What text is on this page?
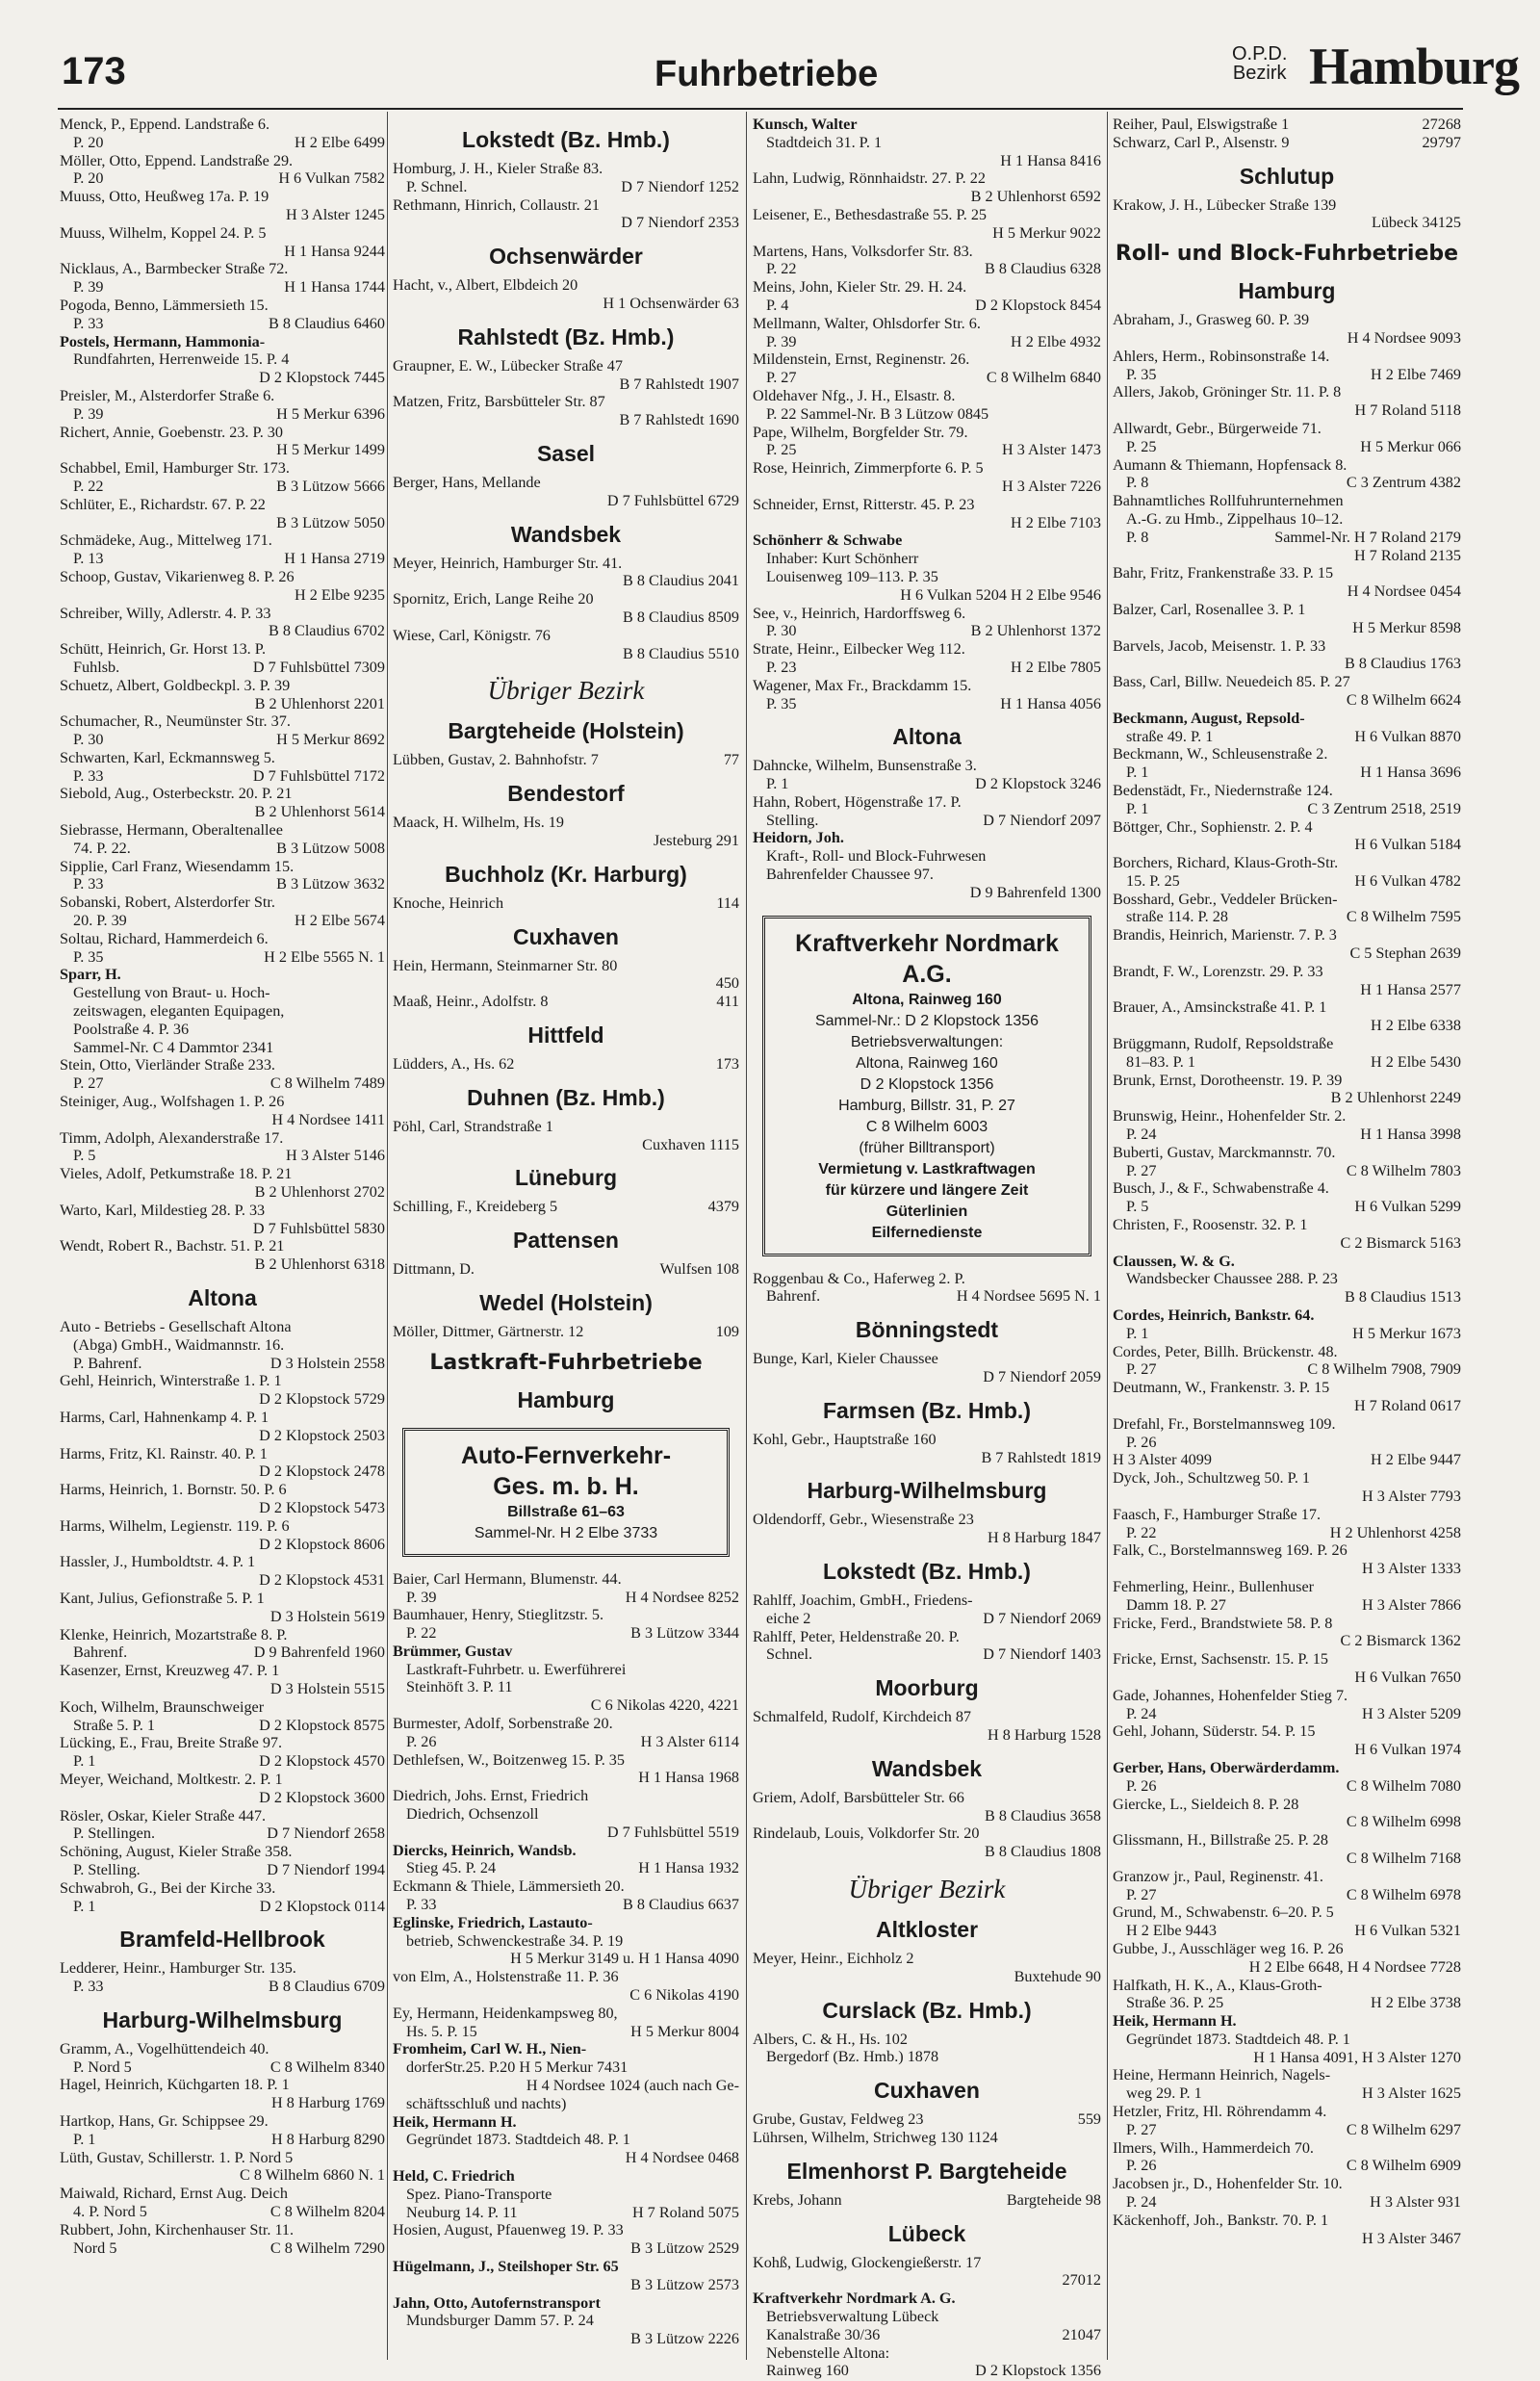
173	Fuhrbetriebe	O.P.D.
Bezirk Hamburg
Menck, P., Eppend. Landstraße 6.
P. 20	H 2 Elbe 6499
Möller, Otto, Eppend. Landstraße 29.
P. 20	H 6 Vulkan 7582
Muuss, Otto, Heußweg 17a. P. 19
H 3 Alster 1245
Muuss, Wilhelm, Koppel 24. P. 5
H 1 Hansa 9244
Nicklaus, A., Barmbecker Straße 72.
P. 39	H 1 Hansa 1744
Pogoda, Benno, Lämmersieth 15.
P. 33	B 8 Claudius 6460
Postels, Hermann, Hammonia-
Rundfahrten, Herrenweide 15. P. 4
D 2 Klopstock 7445
Preisler, M., Alsterdorfer Straße 6.
P. 39	H 5 Merkur 6396
Richert, Annie, Goebenstr. 23. P. 30
H 5 Merkur 1499
Schabbel, Emil, Hamburger Str. 173.
P. 22	B 3 Lützow 5666
Schlüter, E., Richardstr. 67. P. 22
B 3 Lützow 5050
Schmädeke, Aug., Mittelweg 171.
P. 13	H 1 Hansa 2719
Schoop, Gustav, Vikarienweg 8. P. 26
H 2 Elbe 9235
Schreiber, Willy, Adlerstr. 4. P. 33
B 8 Claudius 6702
Schütt, Heinrich, Gr. Horst 13. P.
Fuhlsb.	D 7 Fuhlsbüttel 7309
Schuetz, Albert, Goldbeckpl. 3. P. 39
B 2 Uhlenhorst 2201
Schumacher, R., Neumünster Str. 37.
P. 30	H 5 Merkur 8692
Schwarten, Karl, Eckmannsweg 5.
P. 33	D 7 Fuhlsbüttel 7172
Siebold, Aug., Osterbeckstr. 20. P. 21
B 2 Uhlenhorst 5614
Siebrasse, Hermann, Oberaltenallee
74. P. 22.	B 3 Lützow 5008
Sipplie, Carl Franz, Wiesendamm 15.
P. 33	B 3 Lützow 3632
Sobanski, Robert, Alsterdorfer Str.
20. P. 39	H 2 Elbe 5674
Soltau, Richard, Hammerdeich 6.
P. 35	H 2 Elbe 5565 N. 1
Sparr, H.
Gestellung von Braut- u. Hoch-
zeitswagen, eleganten Equipagen,
Poolstraße 4. P. 36
Sammel-Nr. C 4 Dammtor 2341
Stein, Otto, Vierländer Straße 233.
P. 27	C 8 Wilhelm 7489
Steiniger, Aug., Wolfshagen 1. P. 26
H 4 Nordsee 1411
Timm, Adolph, Alexanderstraße 17.
P. 5	H 3 Alster 5146
Vieles, Adolf, Petkumstraße 18. P. 21
B 2 Uhlenhorst 2702
Warto, Karl, Mildestieg 28. P. 33
D 7 Fuhlsbüttel 5830
Wendt, Robert R., Bachstr. 51. P. 21
B 2 Uhlenhorst 6318
Altona
Auto - Betriebs - Gesellschaft Altona
(Abga) GmbH., Waidmannstr. 16.
P. Bahrenf.	D 3 Holstein 2558
Gehl, Heinrich, Winterstraße 1. P. 1
D 2 Klopstock 5729
Harms, Carl, Hahnenkamp 4. P. 1
D 2 Klopstock 2503
Harms, Fritz, Kl. Rainstr. 40. P. 1
D 2 Klopstock 2478
Harms, Heinrich, 1. Bornstr. 50. P. 6
D 2 Klopstock 5473
Harms, Wilhelm, Legienstr. 119. P. 6
D 2 Klopstock 8606
Hassler, J., Humboldtstr. 4. P. 1
D 2 Klopstock 4531
Kant, Julius, Gefionstraße 5. P. 1
D 3 Holstein 5619
Klenke, Heinrich, Mozartstraße 8. P.
Bahrenf.	D 9 Bahrenfeld 1960
Kasenzer, Ernst, Kreuzweg 47. P. 1
D 3 Holstein 5515
Koch, Wilhelm, Braunschweiger
Straße 5. P. 1	D 2 Klopstock 8575
Lücking, E., Frau, Breite Straße 97.
P. 1	D 2 Klopstock 4570
Meyer, Weichand, Moltkestr. 2. P. 1
D 2 Klopstock 3600
Rösler, Oskar, Kieler Straße 447.
P. Stellingen.	D 7 Niendorf 2658
Schöning, August, Kieler Straße 358.
P. Stelling.	D 7 Niendorf 1994
Schwabroh, G., Bei der Kirche 33.
P. 1	D 2 Klopstock 0114
Bramfeld-Hellbrook
Ledderer, Heinr., Hamburger Str. 135.
P. 33	B 8 Claudius 6709
Harburg-Wilhelmsburg
Gramm, A., Vogelhüttendeich 40.
P. Nord 5	C 8 Wilhelm 8340
Hagel, Heinrich, Küchgarten 18. P. 1
H 8 Harburg 1769
Hartkop, Hans, Gr. Schippsee 29.
P. 1	H 8 Harburg 8290
Lüth, Gustav, Schillerstr. 1. P. Nord 5
C 8 Wilhelm 6860 N. 1
Maiwald, Richard, Ernst Aug. Deich
4. P. Nord 5	C 8 Wilhelm 8204
Rubbert, John, Kirchenhauser Str. 11.
Nord 5	C 8 Wilhelm 7290
Lokstedt (Bz. Hmb.)
Homburg, J. H., Kieler Straße 83.
P. Schnel.	D 7 Niendorf 1252
Rethmann, Hinrich, Collaustr. 21
D 7 Niendorf 2353
Ochsenwärder
Hacht, v., Albert, Elbdeich 20
H 1 Ochsenwärder 63
Rahlstedt (Bz. Hmb.)
Graupner, E. W., Lübecker Straße 47
B 7 Rahlstedt 1907
Matzen, Fritz, Barsbütteler Str. 87
B 7 Rahlstedt 1690
Sasel
Berger, Hans, Mellande
D 7 Fuhlsbüttel 6729
Wandsbek
Meyer, Heinrich, Hamburger Str. 41.
B 8 Claudius 2041
Spornitz, Erich, Lange Reihe 20
B 8 Claudius 8509
Wiese, Carl, Königstr. 76
B 8 Claudius 5510
Übriger Bezirk
Bargteheide (Holstein)
Lübben, Gustav, 2. Bahnhofstr. 7	77
Bendestorf
Maack, H. Wilhelm, Hs. 19
Jesteburg 291
Buchholz (Kr. Harburg)
Knoche, Heinrich	114
Cuxhaven
Hein, Hermann, Steinmarner Str. 80
450
Maaß, Heinr., Adolfstr. 8	411
Hittfeld
Lüdders, A., Hs. 62	173
Duhnen (Bz. Hmb.)
Pöhl, Carl, Strandstraße 1
Cuxhaven 1115
Lüneburg
Schilling, F., Kreideberg 5	4379
Pattensen
Dittmann, D.	Wulfsen 108
Wedel (Holstein)
Möller, Dittmer, Gärtnerstr. 12	109
Lastkraft-Fuhrbetriebe
Hamburg
Auto-Fernverkehr-
Ges. m. b. H.
Billstraße 61–63
Sammel-Nr. H 2 Elbe 3733
Baier, Carl Hermann, Blumenstr. 44.
P. 39	H 4 Nordsee 8252
Baumhauer, Henry, Stieglitzstr. 5.
P. 22	B 3 Lützow 3344
Brümmer, Gustav
Lastkraft-Fuhrbetr. u. Ewerführerei
Steinhöft 3. P. 11
C 6 Nikolas 4220, 4221
Burmester, Adolf, Sorbenstraße 20.
P. 26	H 3 Alster 6114
Dethlefsen, W., Boitzenweg 15. P. 35
H 1 Hansa 1968
Diedrich, Johs. Ernst, Friedrich
Diedrich, Ochsenzoll
D 7 Fuhlsbüttel 5519
Diercks, Heinrich, Wandsb.
Stieg 45. P. 24	H 1 Hansa 1932
Eckmann & Thiele, Lämmersieth 20.
P. 33	B 8 Claudius 6637
Eglinske, Friedrich, Lastauto-
betrieb, Schwenckestraße 34. P. 19
H 5 Merkur 3149 u. H 1 Hansa 4090
von Elm, A., Holstenstraße 11. P. 36
C 6 Nikolas 4190
Ey, Hermann, Heidenkampsweg 80,
Hs. 5. P. 15	H 5 Merkur 8004
Fromheim, Carl W. H., Nien-
dorferStr.25. P.20 H 5 Merkur 7431
H 4 Nordsee 1024 (auch nach Ge-
schäftsschluß und nachts)
Heik, Hermann H.
Gegründet 1873. Stadtdeich 48. P. 1
H 4 Nordsee 0468
Held, C. Friedrich
Spez. Piano-Transporte
Neuburg 14. P. 11	H 7 Roland 5075
Hosien, August, Pfauenweg 19. P. 33
B 3 Lützow 2529
Hügelmann, J., Steilshoper Str. 65
B 3 Lützow 2573
Jahn, Otto, Autofernstransport
Mundsburger Damm 57. P. 24
B 3 Lützow 2226
Kunsch, Walter
Stadtdeich 31. P. 1
H 1 Hansa 8416
Lahn, Ludwig, Rönnhaidstr. 27. P. 22
B 2 Uhlenhorst 6592
Leisener, E., Bethesdastraße 55. P. 25
H 5 Merkur 9022
Martens, Hans, Volksdorfer Str. 83.
P. 22	B 8 Claudius 6328
Meins, John, Kieler Str. 29. H. 24.
P. 4	D 2 Klopstock 8454
Mellmann, Walter, Ohlsdorfer Str. 6.
P. 39	H 2 Elbe 4932
Mildenstein, Ernst, Reginenstr. 26.
P. 27	C 8 Wilhelm 6840
Oldehaver Nfg., J. H., Elsastr. 8.
P. 22 Sammel-Nr. B 3 Lützow 0845
Pape, Wilhelm, Borgfelder Str. 79.
P. 25	H 3 Alster 1473
Rose, Heinrich, Zimmerpforte 6. P. 5
H 3 Alster 7226
Schneider, Ernst, Ritterstr. 45. P. 23
H 2 Elbe 7103
Schönherr & Schwabe
Inhaber: Kurt Schönherr
Louisenweg 109–113. P. 35
H 6 Vulkan 5204 H 2 Elbe 9546
See, v., Heinrich, Hardorffsweg 6.
P. 30	B 2 Uhlenhorst 1372
Strate, Heinr., Eilbecker Weg 112.
P. 23	H 2 Elbe 7805
Wagener, Max Fr., Brackdamm 15.
P. 35	H 1 Hansa 4056
Altona
Dahncke, Wilhelm, Bunsenstraße 3.
P. 1	D 2 Klopstock 3246
Hahn, Robert, Högenstraße 17. P.
Stelling.	D 7 Niendorf 2097
Heidorn, Joh.
Kraft-, Roll- und Block-Fuhrwesen
Bahrenfelder Chaussee 97.
D 9 Bahrenfeld 1300
Kraftverkehr Nordmark A.G.
Altona, Rainweg 160
Sammel-Nr.: D 2 Klopstock 1356
Betriebsverwaltungen:
Altona, Rainweg 160
D 2 Klopstock 1356
Hamburg, Billstr. 31, P. 27
C 8 Wilhelm 6003
(früher Billtransport)
Vermietung v. Lastkraftwagen
für kürzere und längere Zeit
Güterlinien
Eilfernedienste
Roggenbau & Co., Haferweg 2. P.
Bahrenf.	H 4 Nordsee 5695 N. 1
Bönningstedt
Bunge, Karl, Kieler Chaussee
D 7 Niendorf 2059
Farmsen (Bz. Hmb.)
Kohl, Gebr., Hauptstraße 160
B 7 Rahlstedt 1819
Harburg-Wilhelmsburg
Oldendorff, Gebr., Wiesenstraße 23
H 8 Harburg 1847
Lokstedt (Bz. Hmb.)
Rahlff, Joachim, GmbH., Friedens-
eiche 2	D 7 Niendorf 2069
Rahlff, Peter, Heldenstraße 20. P.
Schnel.	D 7 Niendorf 1403
Moorburg
Schmalfeld, Rudolf, Kirchdeich 87
H 8 Harburg 1528
Wandsbek
Griem, Adolf, Barsbütteler Str. 66
B 8 Claudius 3658
Rindelaub, Louis, Volkdorfer Str. 20
B 8 Claudius 1808
Übriger Bezirk
Altkloster
Meyer, Heinr., Eichholz 2
Buxtehude 90
Curslack (Bz. Hmb.)
Albers, C. & H., Hs. 102
Bergedorf (Bz. Hmb.) 1878
Cuxhaven
Grube, Gustav, Feldweg 23	559
Lührsen, Wilhelm, Strichweg 130 1124
Elmenhorst P. Bargteheide
Krebs, Johann	Bargteheide 98
Lübeck
Kohß, Ludwig, Glockengießerstr. 17
27012
Kraftverkehr Nordmark A. G.
Betriebsverwaltung Lübeck
Kanalstraße 30/36	21047
Nebenstelle Altona:
Rainweg 160	D 2 Klopstock 1356
Reiher, Paul, Elswigstraße 1	27268
Schwarz, Carl P., Alsenstr. 9	29797
Schlutup
Krakow, J. H., Lübecker Straße 139
Lübeck 34125
Roll- und Block-Fuhrbetriebe
Hamburg
Abraham, J., Grasweg 60. P. 39
H 4 Nordsee 9093
Ahlers, Herm., Robinsonstraße 14.
P. 35	H 2 Elbe 7469
Allers, Jakob, Gröninger Str. 11. P. 8
H 7 Roland 5118
Allwardt, Gebr., Bürgerweide 71.
P. 25	H 5 Merkur 066
Aumann & Thiemann, Hopfensack 8.
P. 8	C 3 Zentrum 4382
Bahnamtliches Rollfuhrunternehmen
A.-G. zu Hmb., Zippelhaus 10–12.
P. 8	Sammel-Nr. H 7 Roland 2179
H 7 Roland 2135
Bahr, Fritz, Frankenstraße 33. P. 15
H 4 Nordsee 0454
Balzer, Carl, Rosenallee 3. P. 1
H 5 Merkur 8598
Barvels, Jacob, Meisenstr. 1. P. 33
B 8 Claudius 1763
Bass, Carl, Billw. Neuedeich 85. P. 27
C 8 Wilhelm 6624
Beckmann, August, Repsold-
straße 49. P. 1	H 6 Vulkan 8870
Beckmann, W., Schleusenstraße 2.
P. 1	H 1 Hansa 3696
Bedenstädt, Fr., Niedernstraße 124.
P. 1	C 3 Zentrum 2518, 2519
Böttger, Chr., Sophienstr. 2. P. 4
H 6 Vulkan 5184
Borchers, Richard, Klaus-Groth-Str.
15. P. 25	H 6 Vulkan 4782
Bosshard, Gebr., Veddeler Brücken-
straße 114. P. 28	C 8 Wilhelm 7595
Brandis, Heinrich, Marienstr. 7. P. 3
C 5 Stephan 2639
Brandt, F. W., Lorenzstr. 29. P. 33
H 1 Hansa 2577
Brauer, A., Amsinckstraße 41. P. 1
H 2 Elbe 6338
Brüggmann, Rudolf, Repsoldstraße
81–83. P. 1	H 2 Elbe 5430
Brunk, Ernst, Dorotheenstr. 19. P. 39
B 2 Uhlenhorst 2249
Brunswig, Heinr., Hohenfelder Str. 2.
P. 24	H 1 Hansa 3998
Buberti, Gustav, Marckmannstr. 70.
P. 27	C 8 Wilhelm 7803
Busch, J., & F., Schwabenstraße 4.
P. 5	H 6 Vulkan 5299
Christen, F., Roosenstr. 32. P. 1
C 2 Bismarck 5163
Claussen, W. & G.
Wandsbecker Chaussee 288. P. 23
B 8 Claudius 1513
Cordes, Heinrich, Bankstr. 64.
P. 1	H 5 Merkur 1673
Cordes, Peter, Billh. Brückenstr. 48.
P. 27	C 8 Wilhelm 7908, 7909
Deutmann, W., Frankenstr. 3. P. 15
H 7 Roland 0617
Drefahl, Fr., Borstelmannsweg 109.
P. 26
H 3 Alster 4099	H 2 Elbe 9447
Dyck, Joh., Schultzweg 50. P. 1
H 3 Alster 7793
Faasch, F., Hamburger Straße 17.
P. 22	H 2 Uhlenhorst 4258
Falk, C., Borstelmannsweg 169. P. 26
H 3 Alster 1333
Fehmerling, Heinr., Bullenhuser
Damm 18. P. 27	H 3 Alster 7866
Fricke, Ferd., Brandstwiete 58. P. 8
C 2 Bismarck 1362
Fricke, Ernst, Sachsenstr. 15. P. 15
H 6 Vulkan 7650
Gade, Johannes, Hohenfelder Stieg 7.
P. 24	H 3 Alster 5209
Gehl, Johann, Süderstr. 54. P. 15
H 6 Vulkan 1974
Gerber, Hans, Oberwärderdamm.
P. 26	C 8 Wilhelm 7080
Giercke, L., Sieldeich 8. P. 28
C 8 Wilhelm 6998
Glissmann, H., Billstraße 25. P. 28
C 8 Wilhelm 7168
Granzow jr., Paul, Reginenstr. 41.
P. 27	C 8 Wilhelm 6978
Grund, M., Schwabenstr. 6–20. P. 5
H 2 Elbe 9443	H 6 Vulkan 5321
Gubbe, J., Ausschläger weg 16. P. 26
H 2 Elbe 6648, H 4 Nordsee 7728
Halfkath, H. K., A., Klaus-Groth-
Straße 36. P. 25	H 2 Elbe 3738
Heik, Hermann H.
Gegründet 1873. Stadtdeich 48. P. 1
H 1 Hansa 4091, H 3 Alster 1270
Heine, Hermann Heinrich, Nagels-
weg 29. P. 1	H 3 Alster 1625
Hetzler, Fritz, Hl. Röhrendamm 4.
P. 27	C 8 Wilhelm 6297
Ilmers, Wilh., Hammerdeich 70.
P. 26	C 8 Wilhelm 6909
Jacobsen jr., D., Hohenfelder Str. 10.
P. 24	H 3 Alster 931
Käckenhoff, Joh., Bankstr. 70. P. 1
H 3 Alster 3467
